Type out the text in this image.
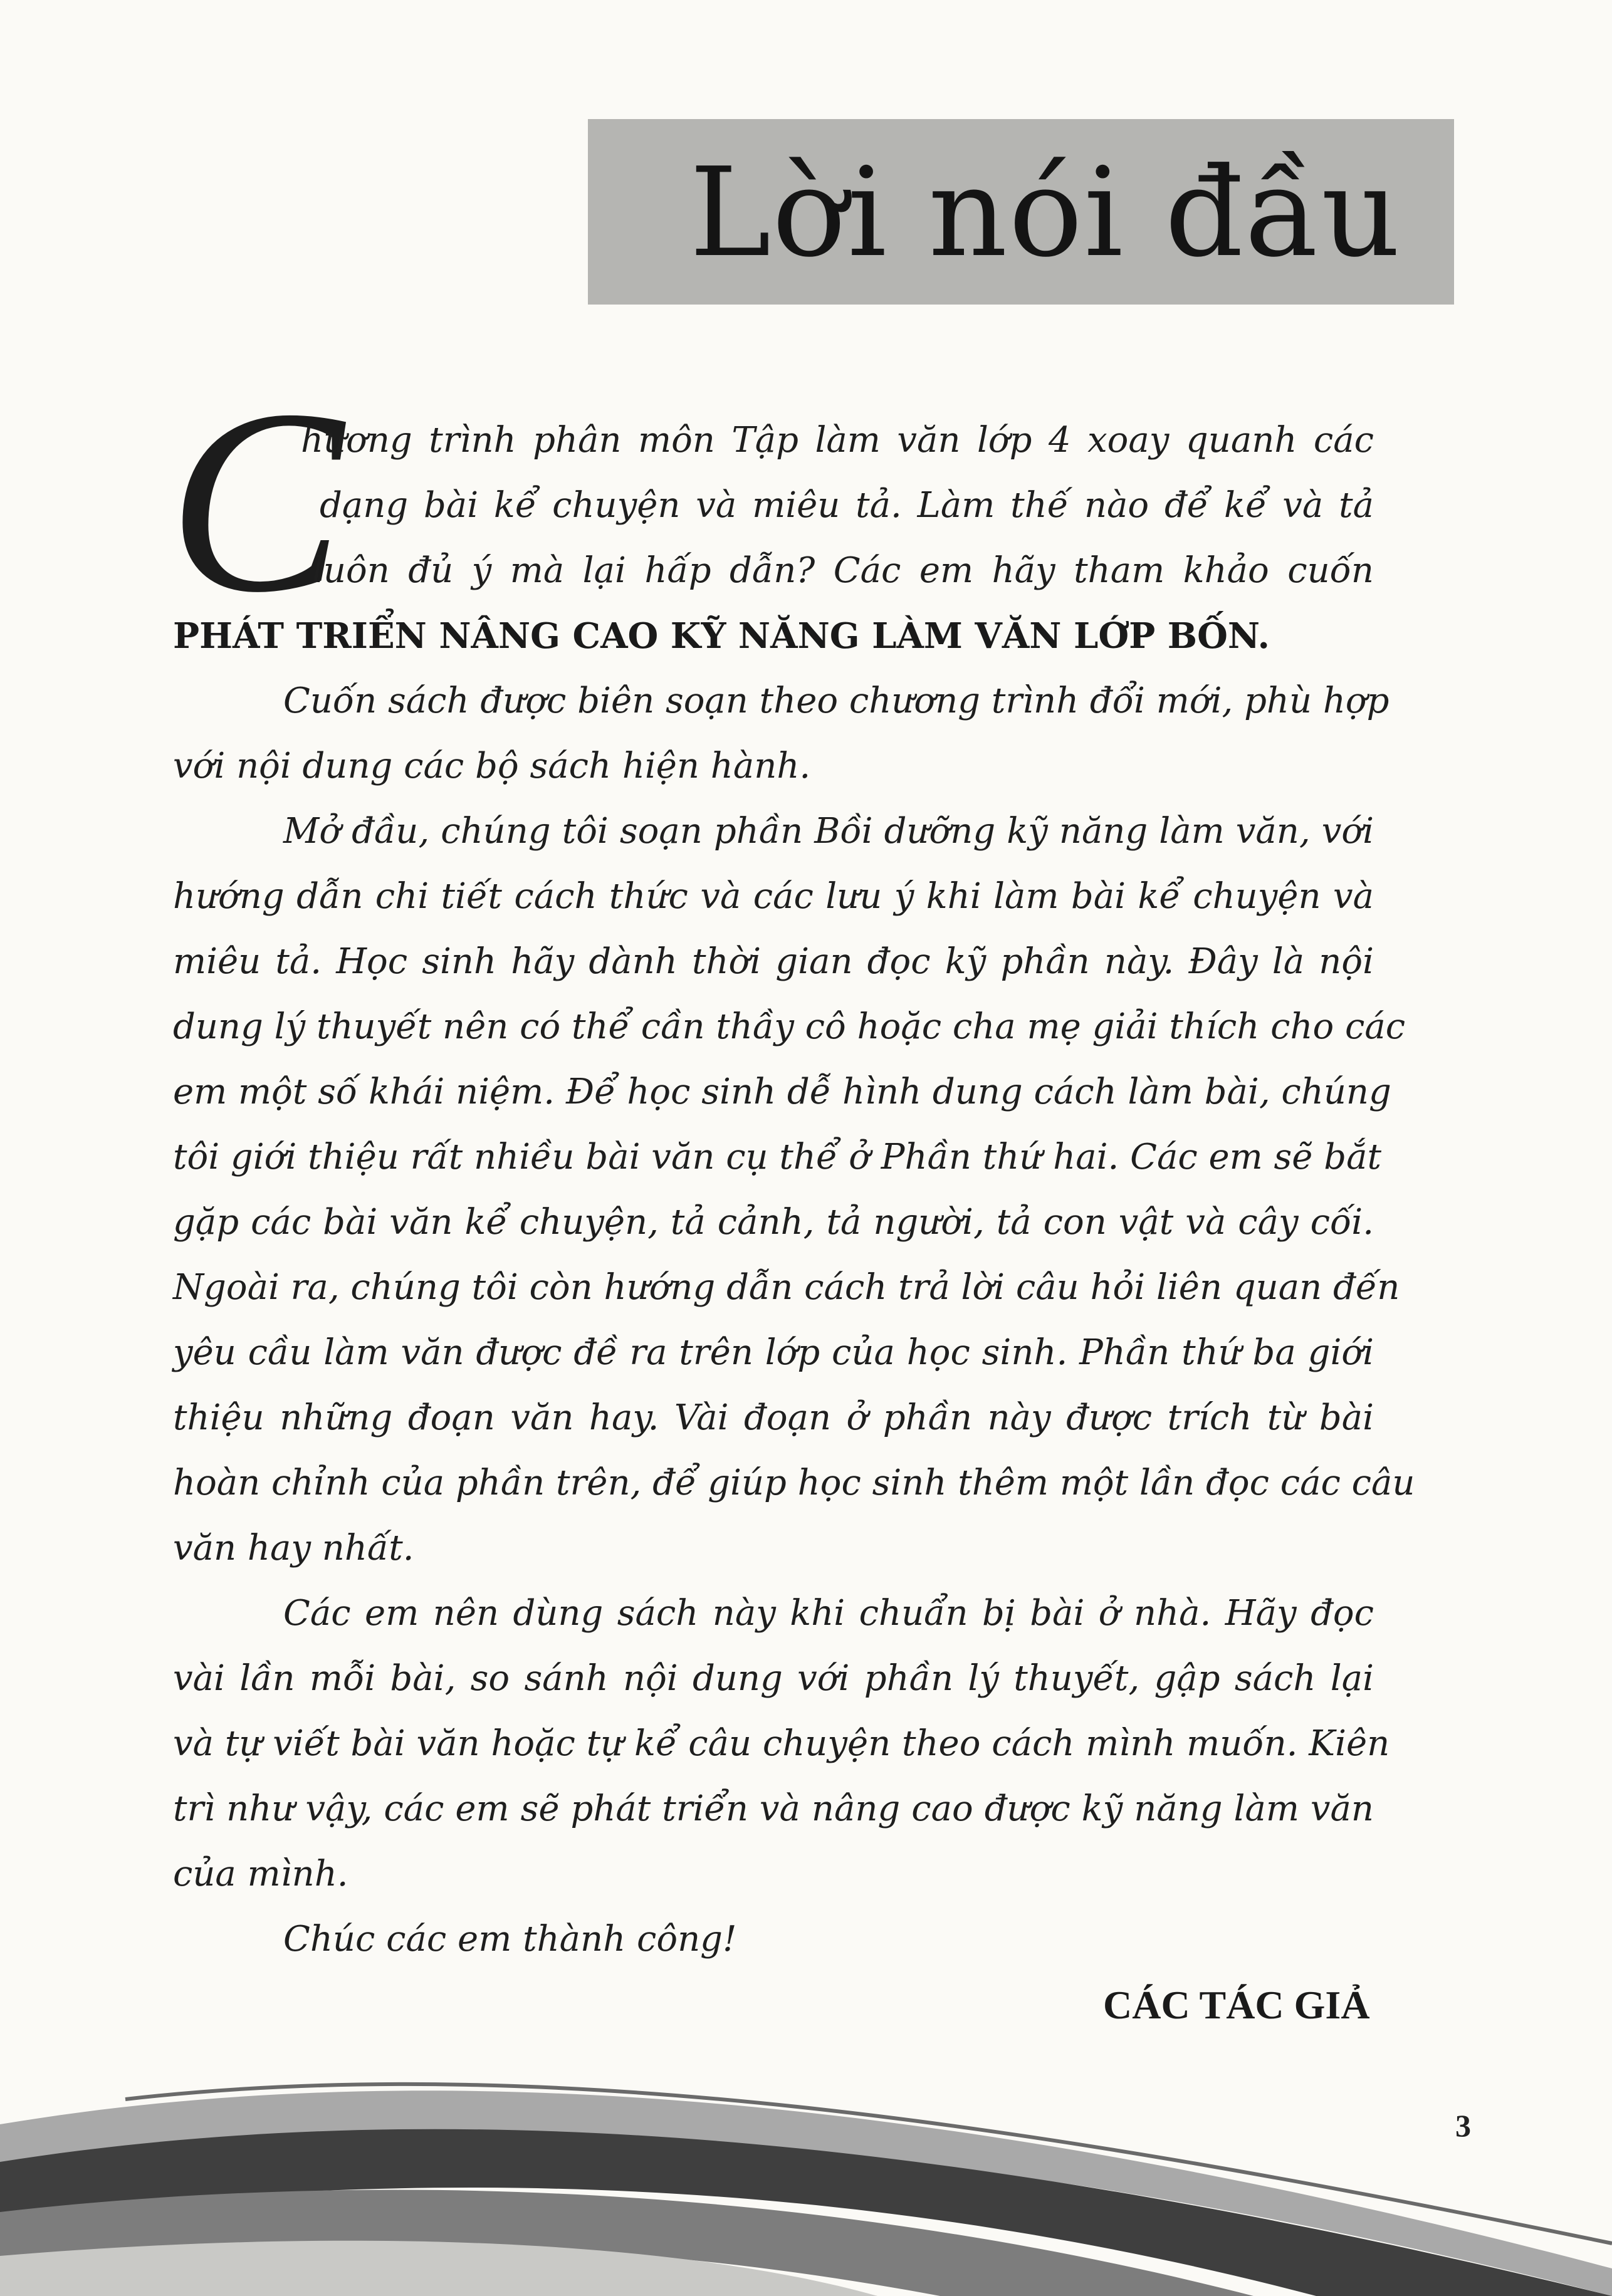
Lời nói đầu
C

hương trình phân môn Tập làm văn lớp 4 xoay quanh các

dạng bài kể chuyện và miêu tả. Làm thế nào để kể và tả

luôn đủ ý mà lại hấp dẫn? Các em hãy tham khảo cuốn

PHÁT TRIỂN NÂNG CAO KỸ NĂNG LÀM VĂN LỚP BỐN.

Cuốn sách được biên soạn theo chương trình đổi mới, phù hợp

với nội dung các bộ sách hiện hành.

Mở đầu, chúng tôi soạn phần Bồi dưỡng kỹ năng làm văn, với

hướng dẫn chi tiết cách thức và các lưu ý khi làm bài kể chuyện và

miêu tả. Học sinh hãy dành thời gian đọc kỹ phần này. Đây là nội

dung lý thuyết nên có thể cần thầy cô hoặc cha mẹ giải thích cho các

em một số khái niệm. Để học sinh dễ hình dung cách làm bài, chúng

tôi giới thiệu rất nhiều bài văn cụ thể ở Phần thứ hai. Các em sẽ bắt

gặp các bài văn kể chuyện, tả cảnh, tả người, tả con vật và cây cối.

Ngoài ra, chúng tôi còn hướng dẫn cách trả lời câu hỏi liên quan đến

yêu cầu làm văn được đề ra trên lớp của học sinh. Phần thứ ba giới

thiệu những đoạn văn hay. Vài đoạn ở phần này được trích từ bài

hoàn chỉnh của phần trên, để giúp học sinh thêm một lần đọc các câu

văn hay nhất.

Các em nên dùng sách này khi chuẩn bị bài ở nhà. Hãy đọc

vài lần mỗi bài, so sánh nội dung với phần lý thuyết, gập sách lại

và tự viết bài văn hoặc tự kể câu chuyện theo cách mình muốn. Kiên

trì như vậy, các em sẽ phát triển và nâng cao được kỹ năng làm văn

của mình.

Chúc các em thành công!

CÁC TÁC GIẢ
3
